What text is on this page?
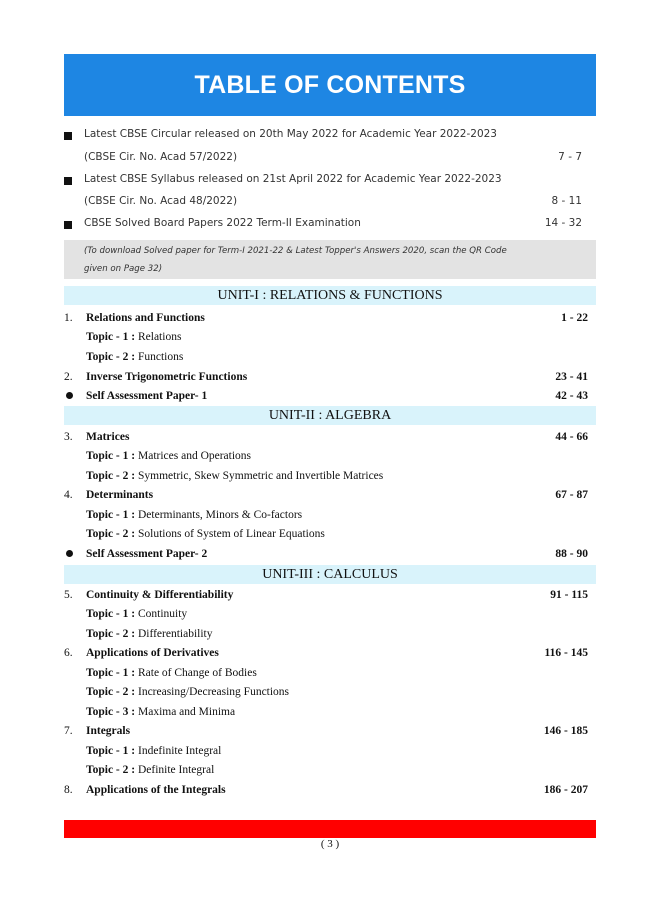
TABLE OF CONTENTS
Latest CBSE Circular released on 20th May 2022 for Academic Year 2022-2023
(CBSE Cir. No. Acad 57/2022)	7 - 7
Latest CBSE Syllabus released on 21st April 2022 for Academic Year 2022-2023
(CBSE Cir. No. Acad 48/2022)	8 - 11
CBSE Solved Board Papers 2022 Term-II Examination	14 - 32
(To download Solved paper for Term-I 2021-22 & Latest Topper's Answers 2020, scan the QR Code
given on Page 32)
UNIT-I : RELATIONS & FUNCTIONS
1. Relations and Functions	1 - 22
Topic - 1 : Relations
Topic - 2 : Functions
2. Inverse Trigonometric Functions	23 - 41
Self Assessment Paper- 1	42 - 43
UNIT-II : ALGEBRA
3. Matrices	44 - 66
Topic - 1 : Matrices and Operations
Topic - 2 : Symmetric, Skew Symmetric and Invertible Matrices
4. Determinants	67 - 87
Topic - 1 : Determinants, Minors & Co-factors
Topic - 2 : Solutions of System of Linear Equations
Self Assessment Paper- 2	88 - 90
UNIT-III : CALCULUS
5. Continuity & Differentiability	91 - 115
Topic - 1 : Continuity
Topic - 2 : Differentiability
6. Applications of Derivatives	116 - 145
Topic - 1 : Rate of Change of Bodies
Topic - 2 : Increasing/Decreasing Functions
Topic - 3 : Maxima and Minima
7. Integrals	146 - 185
Topic - 1 : Indefinite Integral
Topic - 2 : Definite Integral
8. Applications of the Integrals	186 - 207
( 3 )
